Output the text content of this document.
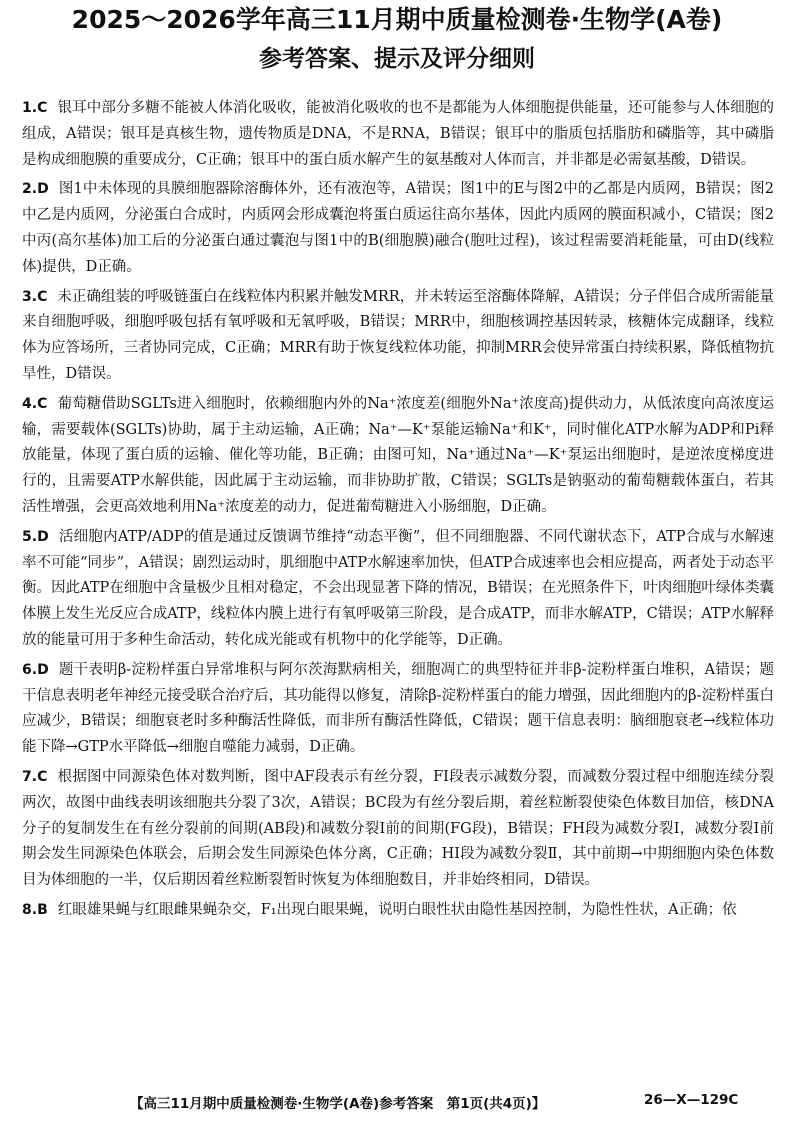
2025～2026学年高三11月期中质量检测卷·生物学(A卷)
参考答案、提示及评分细则
1.C 银耳中部分多糖不能被人体消化吸收，能被消化吸收的也不是都能为人体细胞提供能量，还可能参与人体细胞的组成，A错误；银耳是真核生物，遗传物质是DNA，不是RNA，B错误；银耳中的脂质包括脂肪和磷脂等，其中磷脂是构成细胞膜的重要成分，C正确；银耳中的蛋白质水解产生的氨基酸对人体而言，并非都是必需氨基酸，D错误。
2.D 图1中未体现的具膜细胞器除溶酶体外，还有液泡等，A错误；图1中的E与图2中的乙都是内质网，B错误；图2中乙是内质网，分泌蛋白合成时，内质网会形成囊泡将蛋白质运往高尔基体，因此内质网的膜面积减小，C错误；图2中丙(高尔基体)加工后的分泌蛋白通过囊泡与图1中的B(细胞膜)融合(胞吐过程)，该过程需要消耗能量，可由D(线粒体)提供，D正确。
3.C 未正确组装的呼吸链蛋白在线粒体内积累并触发MRR，并未转运至溶酶体降解，A错误；分子伴侣合成所需能量来自细胞呼吸，细胞呼吸包括有氧呼吸和无氧呼吸，B错误；MRR中，细胞核调控基因转录，核糖体完成翻译，线粒体为应答场所，三者协同完成，C正确；MRR有助于恢复线粒体功能，抑制MRR会使异常蛋白持续积累，降低植物抗旱性，D错误。
4.C 葡萄糖借助SGLTs进入细胞时，依赖细胞内外的Na⁺浓度差(细胞外Na⁺浓度高)提供动力，从低浓度向高浓度运输，需要载体(SGLTs)协助，属于主动运输，A正确；Na⁺—K⁺泵能运输Na⁺和K⁺，同时催化ATP水解为ADP和Pi释放能量，体现了蛋白质的运输、催化等功能，B正确；由图可知，Na⁺通过Na⁺—K⁺泵运出细胞时，是逆浓度梯度进行的，且需要ATP水解供能，因此属于主动运输，而非协助扩散，C错误；SGLTs是钠驱动的葡萄糖载体蛋白，若其活性增强，会更高效地利用Na⁺浓度差的动力，促进葡萄糖进入小肠细胞，D正确。
5.D 活细胞内ATP/ADP的值是通过反馈调节维持“动态平衡”，但不同细胞器、不同代谢状态下，ATP合成与水解速率不可能“同步”，A错误；剧烈运动时，肌细胞中ATP水解速率加快，但ATP合成速率也会相应提高，两者处于动态平衡。因此ATP在细胞中含量极少且相对稳定，不会出现显著下降的情况，B错误；在光照条件下，叶肉细胞叶绿体类囊体膜上发生光反应合成ATP，线粒体内膜上进行有氧呼吸第三阶段，是合成ATP，而非水解ATP，C错误；ATP水解释放的能量可用于多种生命活动，转化成光能或有机物中的化学能等，D正确。
6.D 题干表明β-淀粉样蛋白异常堆积与阿尔茨海默病相关，细胞凋亡的典型特征并非β-淀粉样蛋白堆积，A错误；题干信息表明老年神经元接受联合治疗后，其功能得以修复，清除β-淀粉样蛋白的能力增强，因此细胞内的β-淀粉样蛋白应减少，B错误；细胞衰老时多种酶活性降低，而非所有酶活性降低，C错误；题干信息表明：脑细胞衰老→线粒体功能下降→GTP水平降低→细胞自噬能力减弱，D正确。
7.C 根据图中同源染色体对数判断，图中AF段表示有丝分裂，FI段表示减数分裂，而减数分裂过程中细胞连续分裂两次，故图中曲线表明该细胞共分裂了3次，A错误；BC段为有丝分裂后期，着丝粒断裂使染色体数目加倍，核DNA分子的复制发生在有丝分裂前的间期(AB段)和减数分裂Ⅰ前的间期(FG段)，B错误；FH段为减数分裂Ⅰ，减数分裂Ⅰ前期会发生同源染色体联会，后期会发生同源染色体分离，C正确；HI段为减数分裂Ⅱ，其中前期→中期细胞内染色体数目为体细胞的一半，仅后期因着丝粒断裂暂时恢复为体细胞数目，并非始终相同，D错误。
8.B 红眼雄果蝇与红眼雌果蝇杂交，F₁出现白眼果蝇，说明白眼性状由隐性基因控制，为隐性性状，A正确；依
【高三11月期中质量检测卷·生物学(A卷)参考答案　第1页(共4页)】	26—X—129C
